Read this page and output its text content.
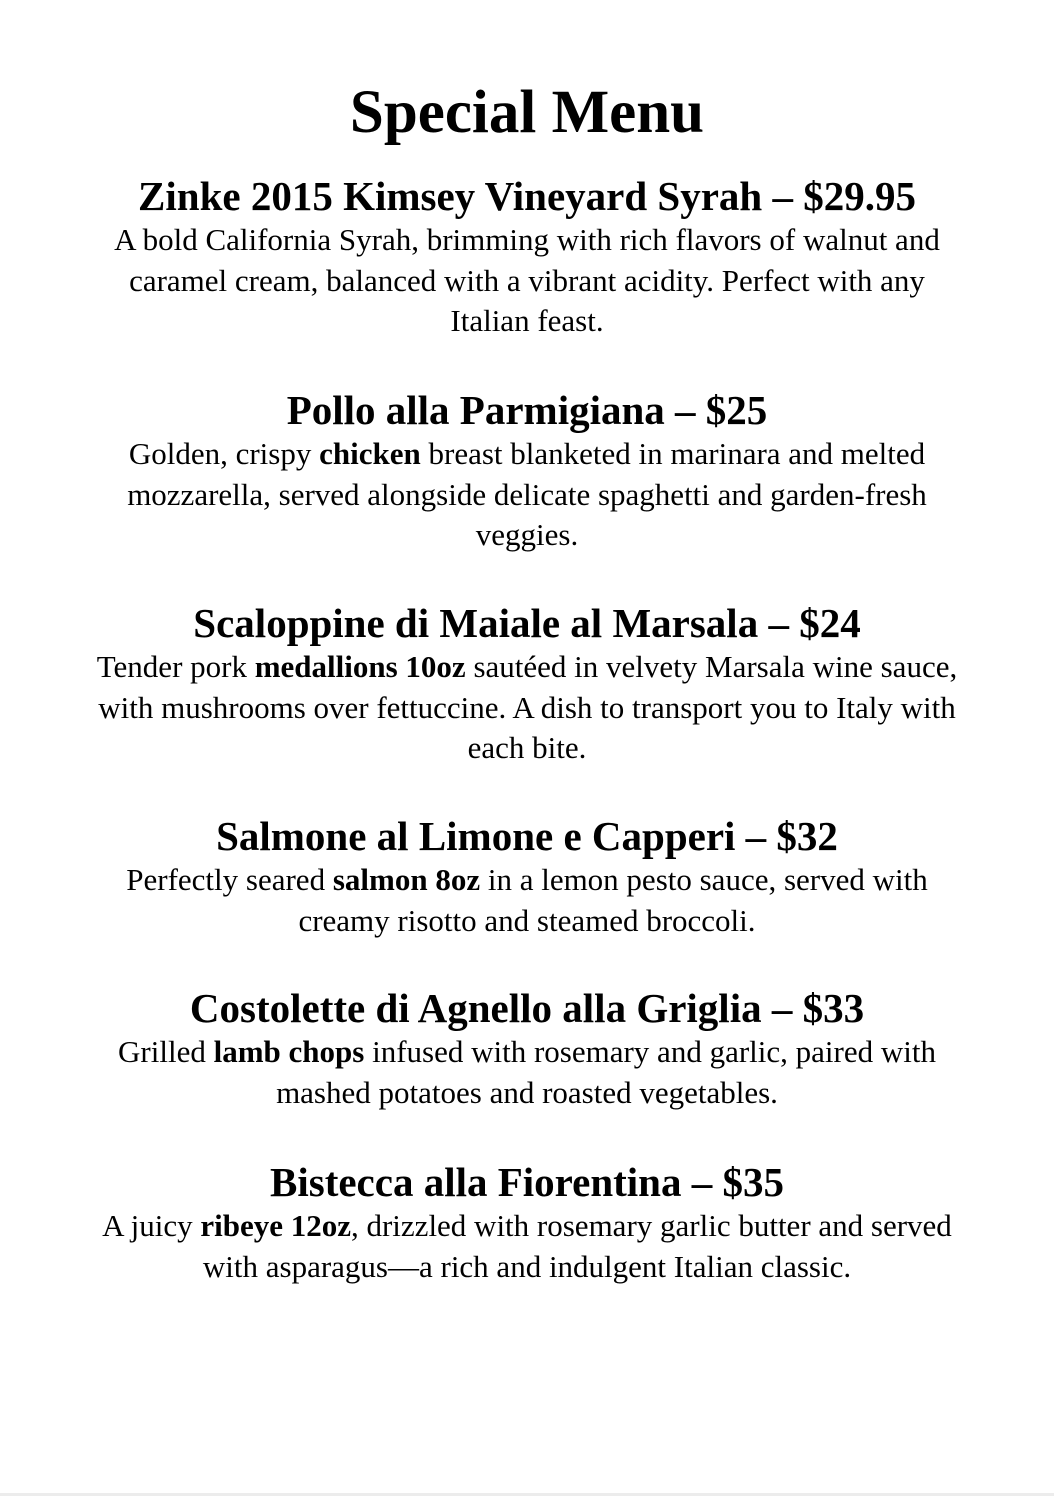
Special Menu
Zinke 2015 Kimsey Vineyard Syrah – $29.95

A bold California Syrah, brimming with rich flavors of walnut and caramel cream, balanced with a vibrant acidity. Perfect with any Italian feast.

Pollo alla Parmigiana – $25

Golden, crispy chicken breast blanketed in marinara and melted mozzarella, served alongside delicate spaghetti and garden-fresh veggies.

Scaloppine di Maiale al Marsala – $24

Tender pork medallions 10oz sautéed in velvety Marsala wine sauce, with mushrooms over fettuccine. A dish to transport you to Italy with each bite.

Salmone al Limone e Capperi – $32

Perfectly seared salmon 8oz in a lemon pesto sauce, served with creamy risotto and steamed broccoli.

Costolette di Agnello alla Griglia – $33

Grilled lamb chops infused with rosemary and garlic, paired with mashed potatoes and roasted vegetables.

Bistecca alla Fiorentina – $35

A juicy ribeye 12oz, drizzled with rosemary garlic butter and served with asparagus—a rich and indulgent Italian classic.
